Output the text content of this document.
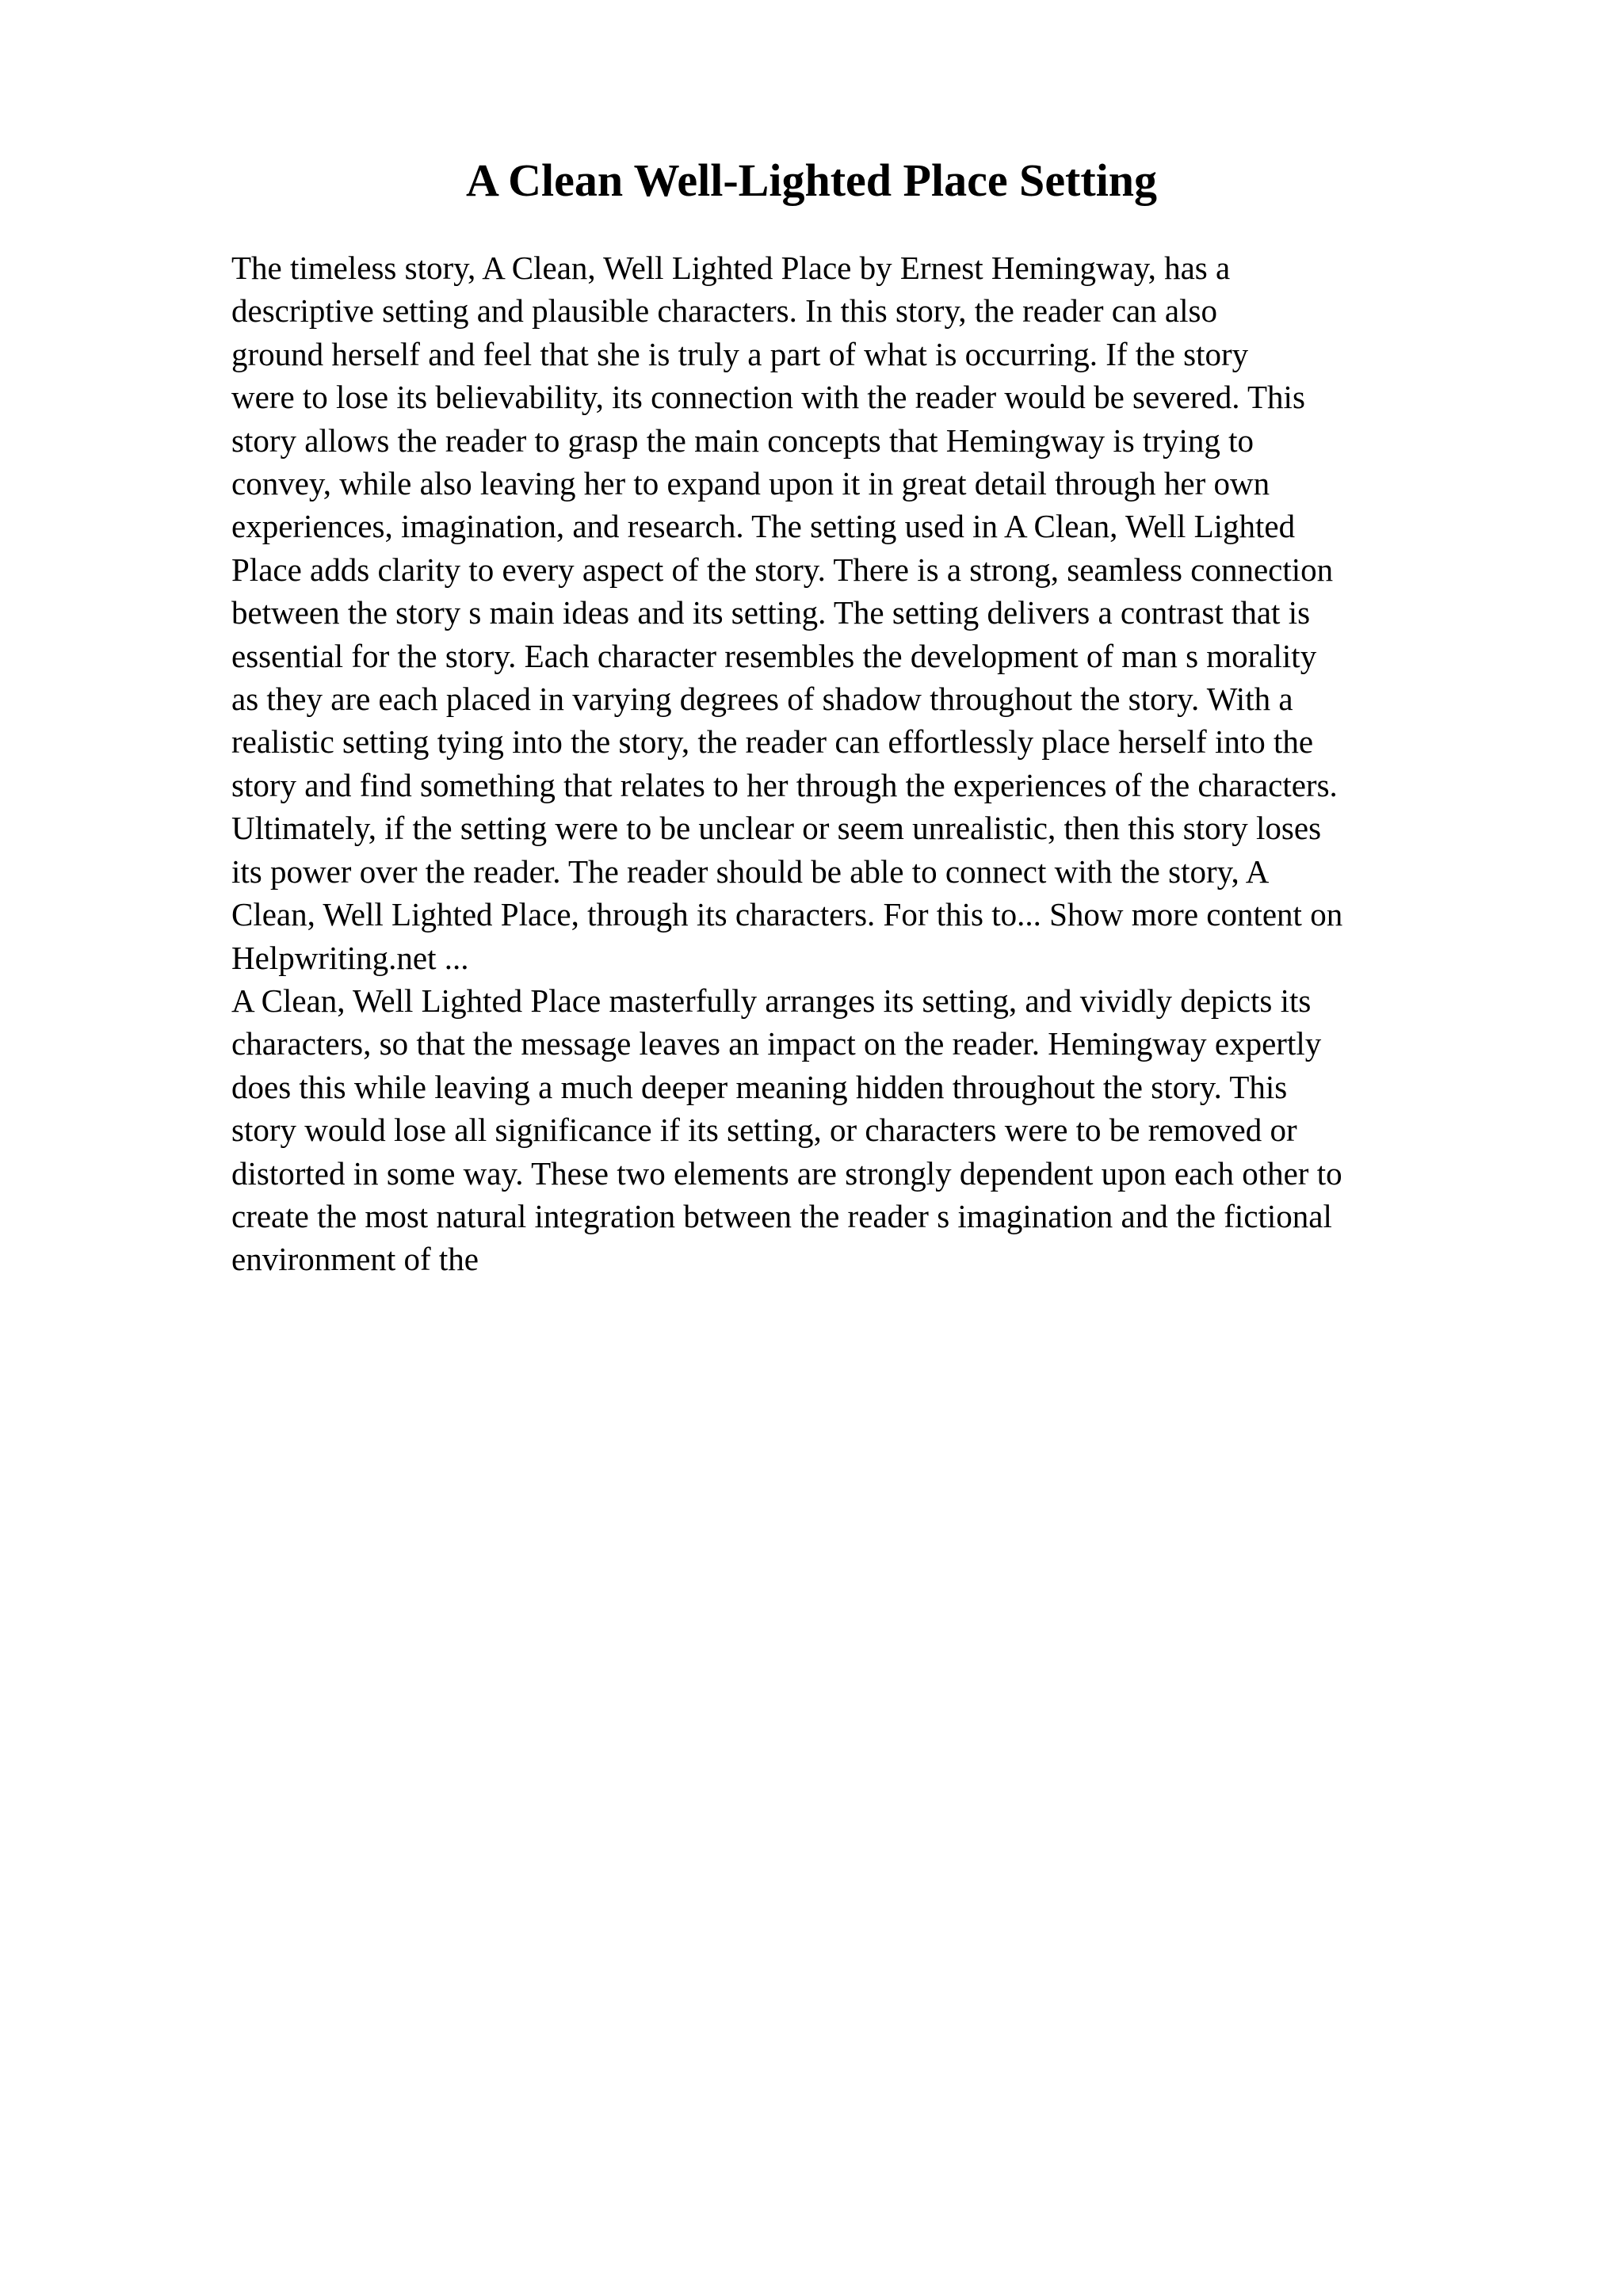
A Clean Well-Lighted Place Setting
The timeless story, A Clean, Well Lighted Place by Ernest Hemingway, has a
descriptive setting and plausible characters. In this story, the reader can also
ground herself and feel that she is truly a part of what is occurring. If the story
were to lose its believability, its connection with the reader would be severed. This
story allows the reader to grasp the main concepts that Hemingway is trying to
convey, while also leaving her to expand upon it in great detail through her own
experiences, imagination, and research. The setting used in A Clean, Well Lighted
Place adds clarity to every aspect of the story. There is a strong, seamless connection
between the story s main ideas and its setting. The setting delivers a contrast that is
essential for the story. Each character resembles the development of man s morality
as they are each placed in varying degrees of shadow throughout the story. With a
realistic setting tying into the story, the reader can effortlessly place herself into the
story and find something that relates to her through the experiences of the characters.
Ultimately, if the setting were to be unclear or seem unrealistic, then this story loses
its power over the reader. The reader should be able to connect with the story, A
Clean, Well Lighted Place, through its characters. For this to... Show more content on
Helpwriting.net ...
A Clean, Well Lighted Place masterfully arranges its setting, and vividly depicts its
characters, so that the message leaves an impact on the reader. Hemingway expertly
does this while leaving a much deeper meaning hidden throughout the story. This
story would lose all significance if its setting, or characters were to be removed or
distorted in some way. These two elements are strongly dependent upon each other to
create the most natural integration between the reader s imagination and the fictional
environment of the
